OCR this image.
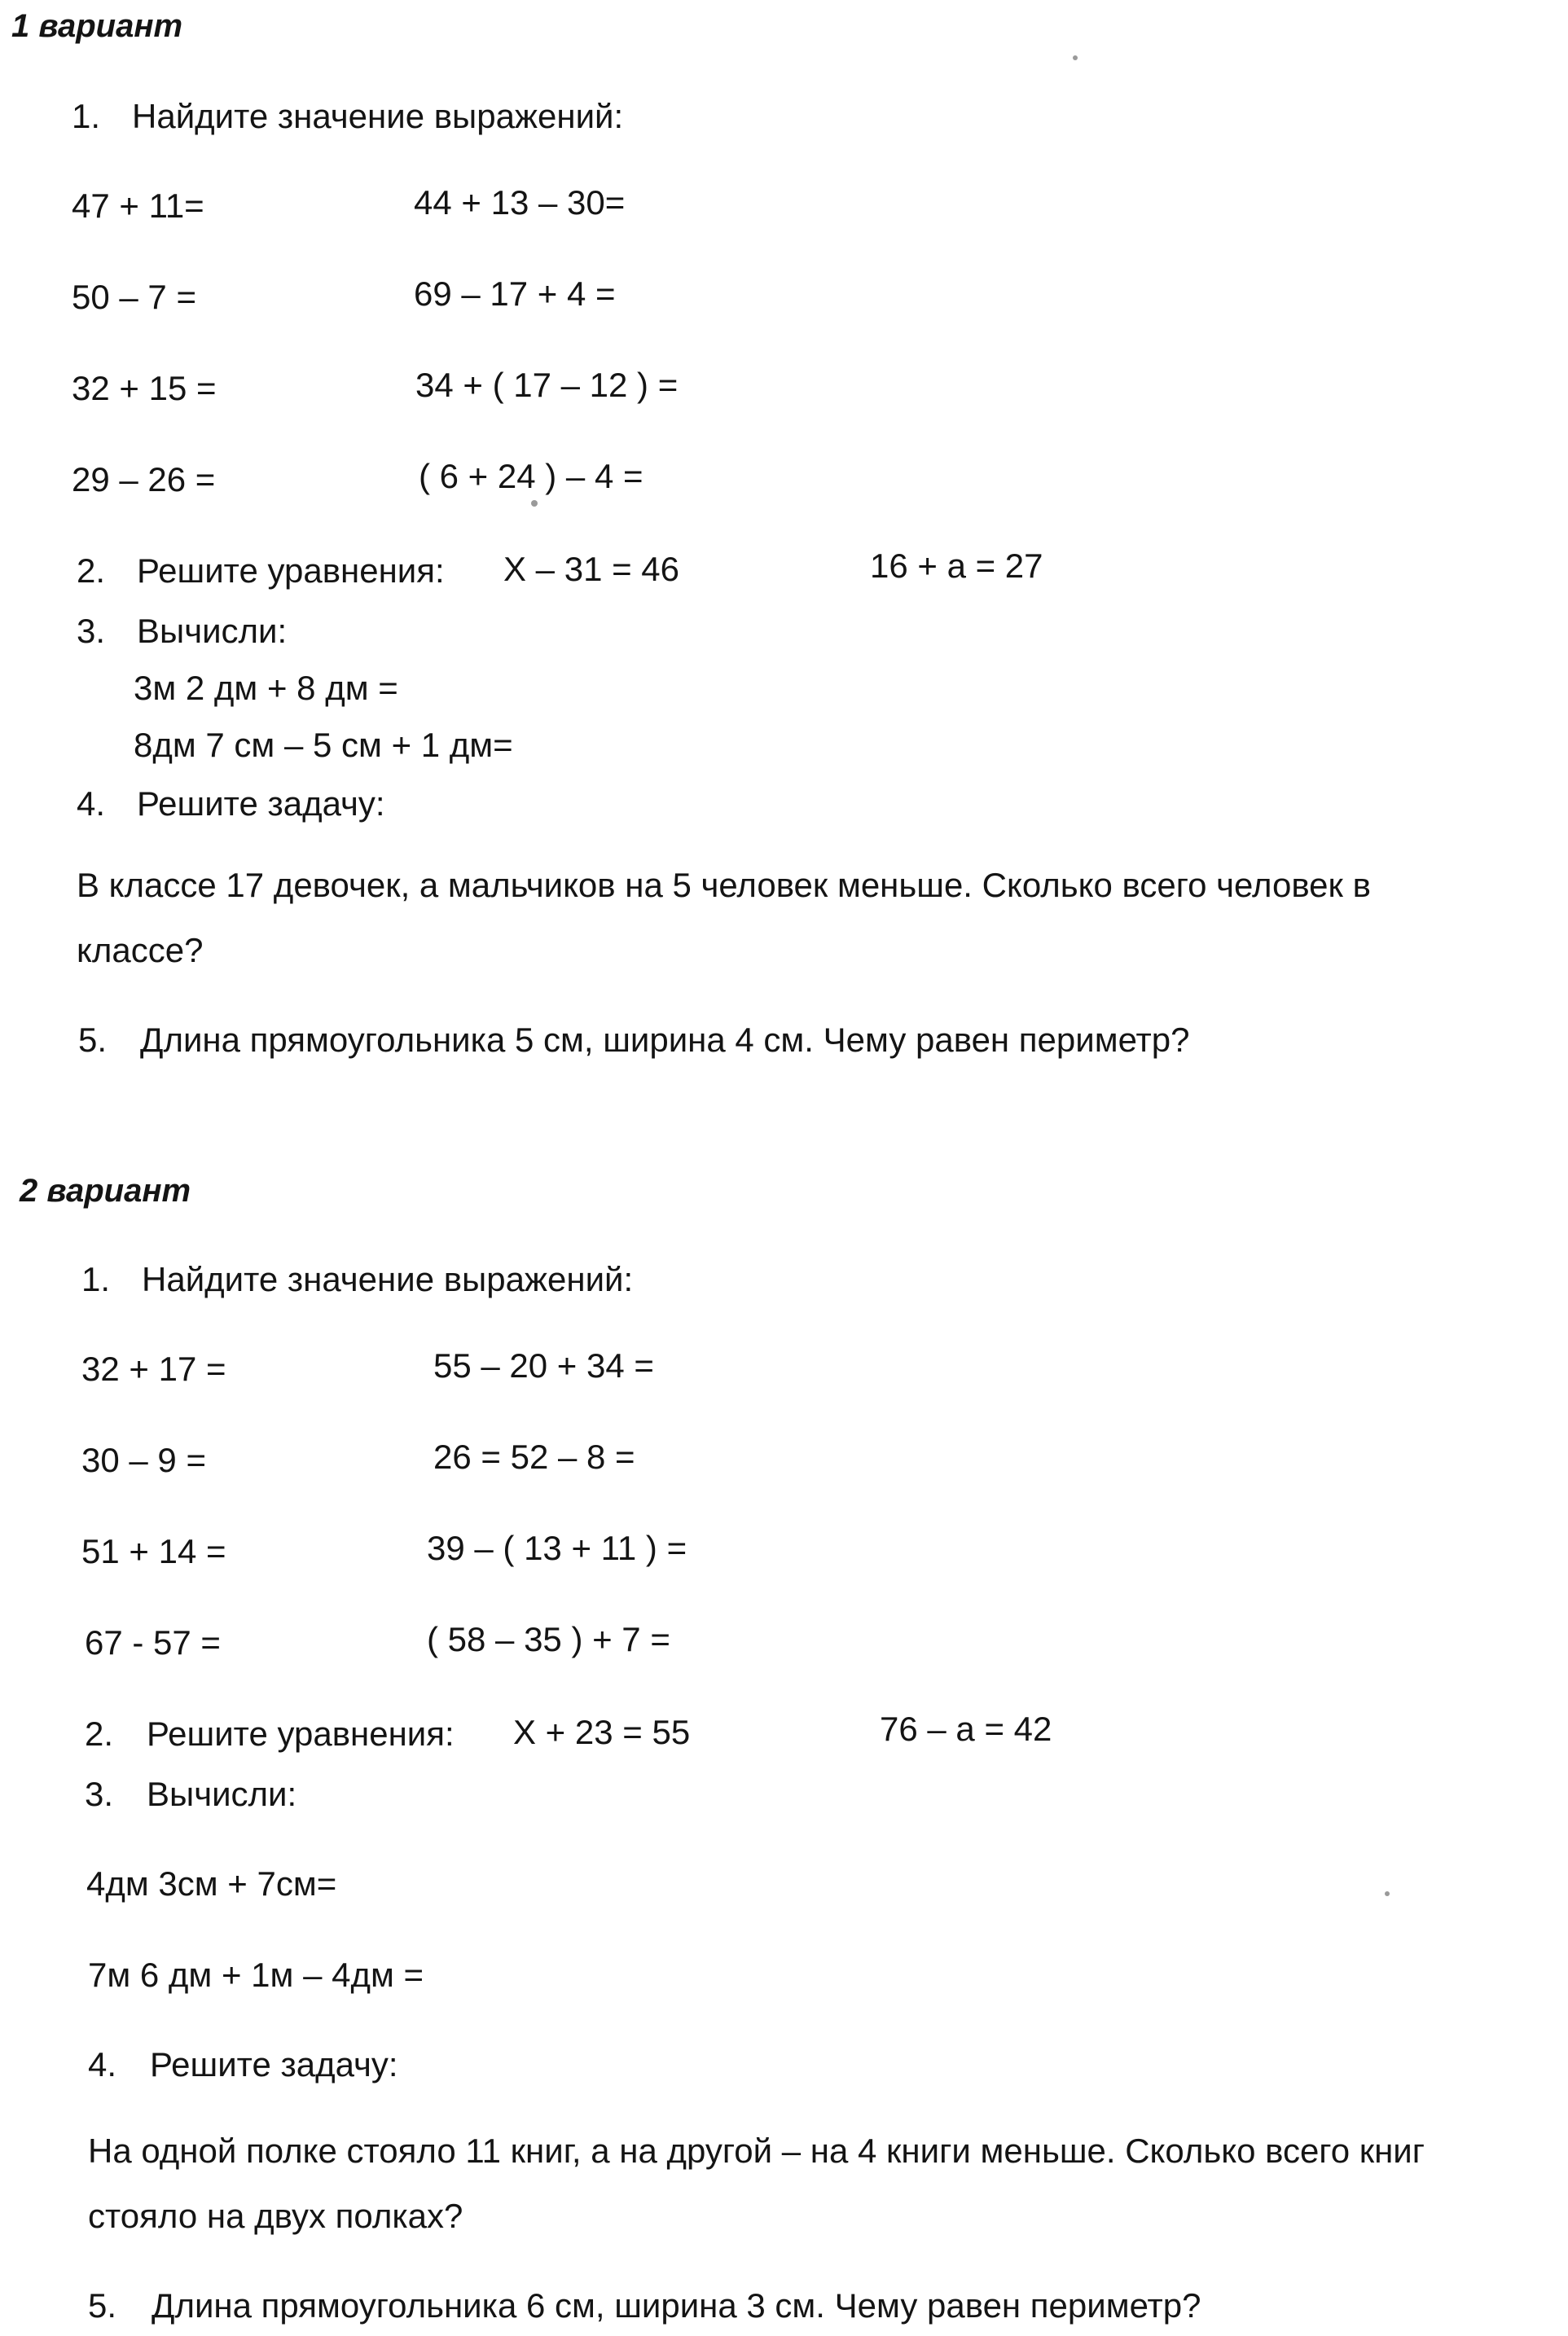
1 вариант
1. Найдите значение выражений:
47 + 11=	44 + 13 – 30=
50 – 7 =	69 – 17 + 4 =
32 + 15 =	34 + ( 17 – 12 ) =
29 – 26 =	( 6 + 24 ) – 4 =
2. Решите уравнения: X – 31 = 46	16 + a = 27
3. Вычисли:
3м 2 дм + 8 дм =
8дм 7 см – 5 см + 1 дм=
4. Решите задачу:
В классе 17 девочек, а мальчиков на 5 человек меньше. Сколько всего человек в
классе?
5. Длина прямоугольника 5 см, ширина 4 см. Чему равен периметр?
2 вариант
1. Найдите значение выражений:
32 + 17 =	55 – 20 + 34 =
30 – 9 =	26 = 52 – 8 =
51 + 14 =	39 – ( 13 + 11 ) =
67 - 57 =	( 58 – 35 ) + 7 =
2. Решите уравнения: X + 23 = 55	76 – a = 42
3. Вычисли:
4дм 3см + 7см=
7м 6 дм + 1м – 4дм =
4. Решите задачу:
На одной полке стояло 11 книг, а на другой – на 4 книги меньше. Сколько всего книг
стояло на двух полках?
5. Длина прямоугольника 6 см, ширина 3 см. Чему равен периметр?
